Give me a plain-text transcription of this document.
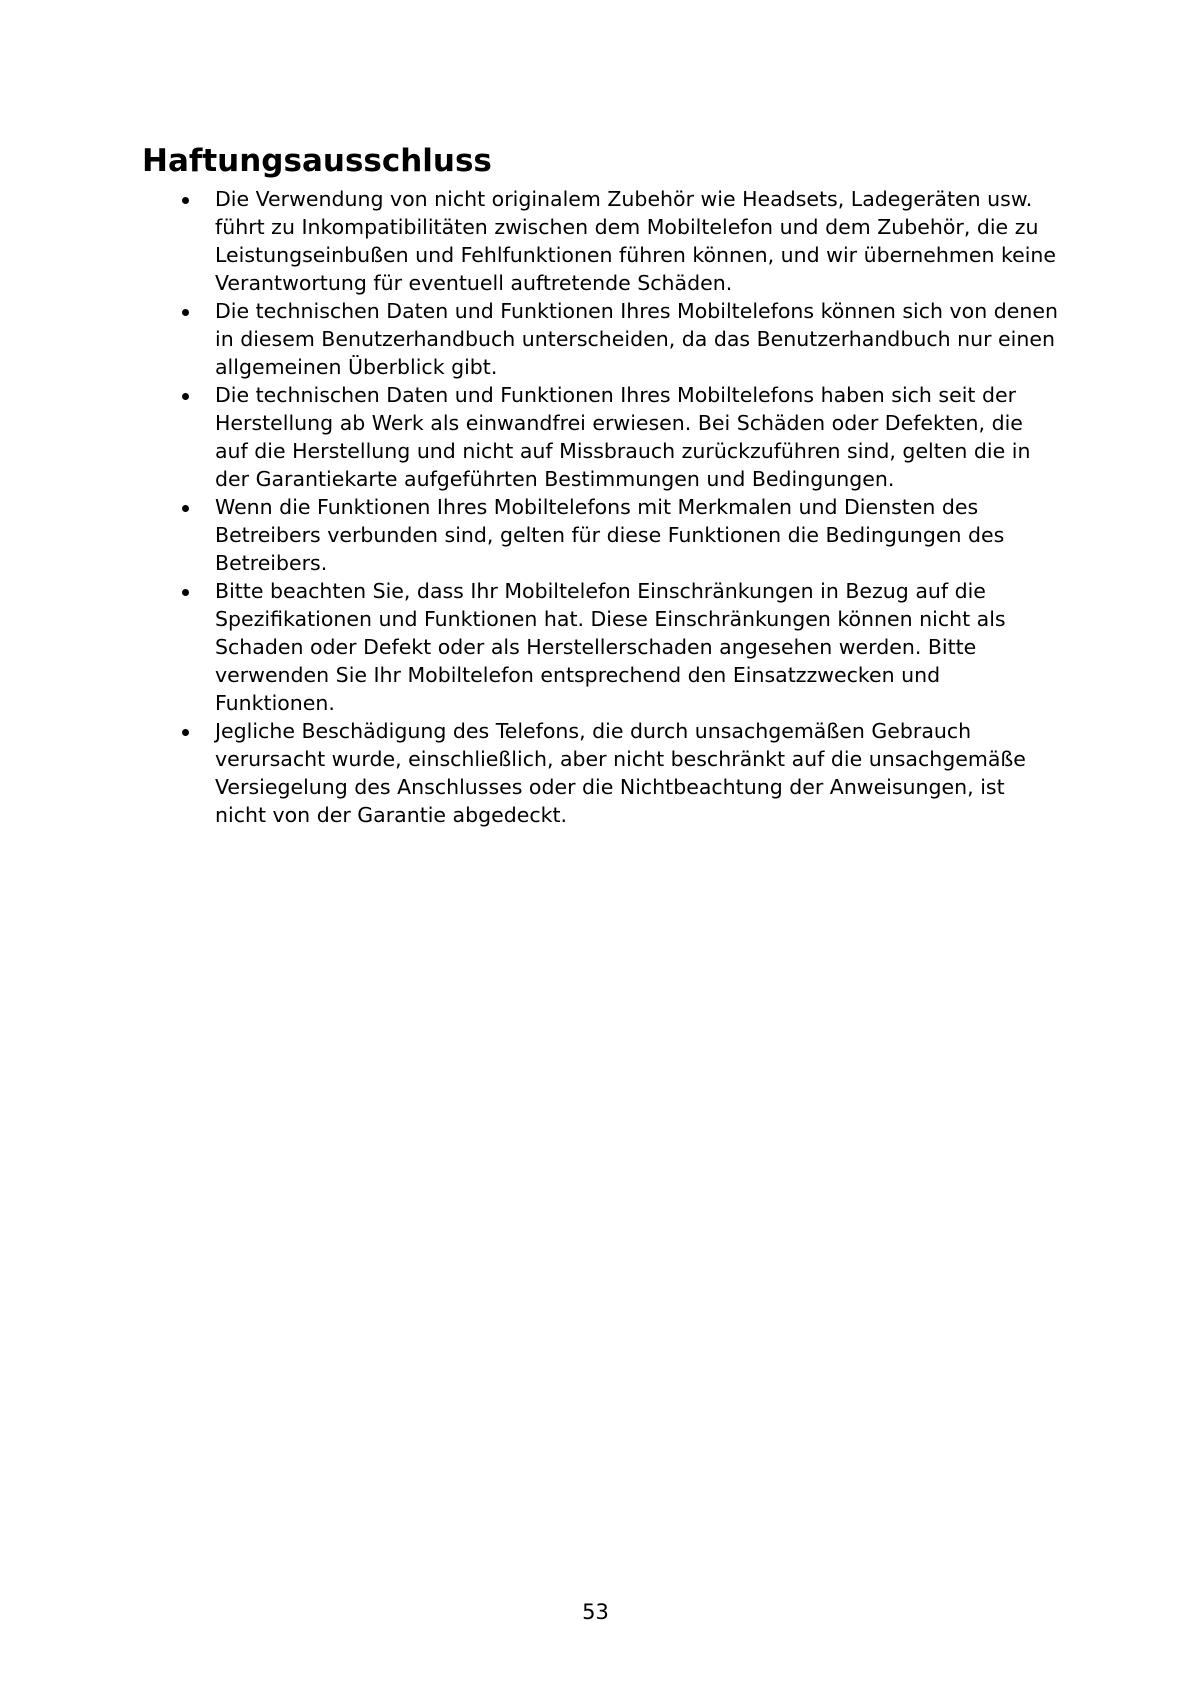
Haftungsausschluss
Die Verwendung von nicht originalem Zubehör wie Headsets, Ladegeräten usw. führt zu Inkompatibilitäten zwischen dem Mobiltelefon und dem Zubehör, die zu Leistungseinbußen und Fehlfunktionen führen können, und wir übernehmen keine Verantwortung für eventuell auftretende Schäden.
Die technischen Daten und Funktionen Ihres Mobiltelefons können sich von denen in diesem Benutzerhandbuch unterscheiden, da das Benutzerhandbuch nur einen allgemeinen Überblick gibt.
Die technischen Daten und Funktionen Ihres Mobiltelefons haben sich seit der Herstellung ab Werk als einwandfrei erwiesen. Bei Schäden oder Defekten, die auf die Herstellung und nicht auf Missbrauch zurückzuführen sind, gelten die in der Garantiekarte aufgeführten Bestimmungen und Bedingungen.
Wenn die Funktionen Ihres Mobiltelefons mit Merkmalen und Diensten des Betreibers verbunden sind, gelten für diese Funktionen die Bedingungen des Betreibers.
Bitte beachten Sie, dass Ihr Mobiltelefon Einschränkungen in Bezug auf die Spezifikationen und Funktionen hat. Diese Einschränkungen können nicht als Schaden oder Defekt oder als Herstellerschaden angesehen werden. Bitte verwenden Sie Ihr Mobiltelefon entsprechend den Einsatzzwecken und Funktionen.
Jegliche Beschädigung des Telefons, die durch unsachgemäßen Gebrauch verursacht wurde, einschließlich, aber nicht beschränkt auf die unsachgemäße Versiegelung des Anschlusses oder die Nichtbeachtung der Anweisungen, ist nicht von der Garantie abgedeckt.
53
